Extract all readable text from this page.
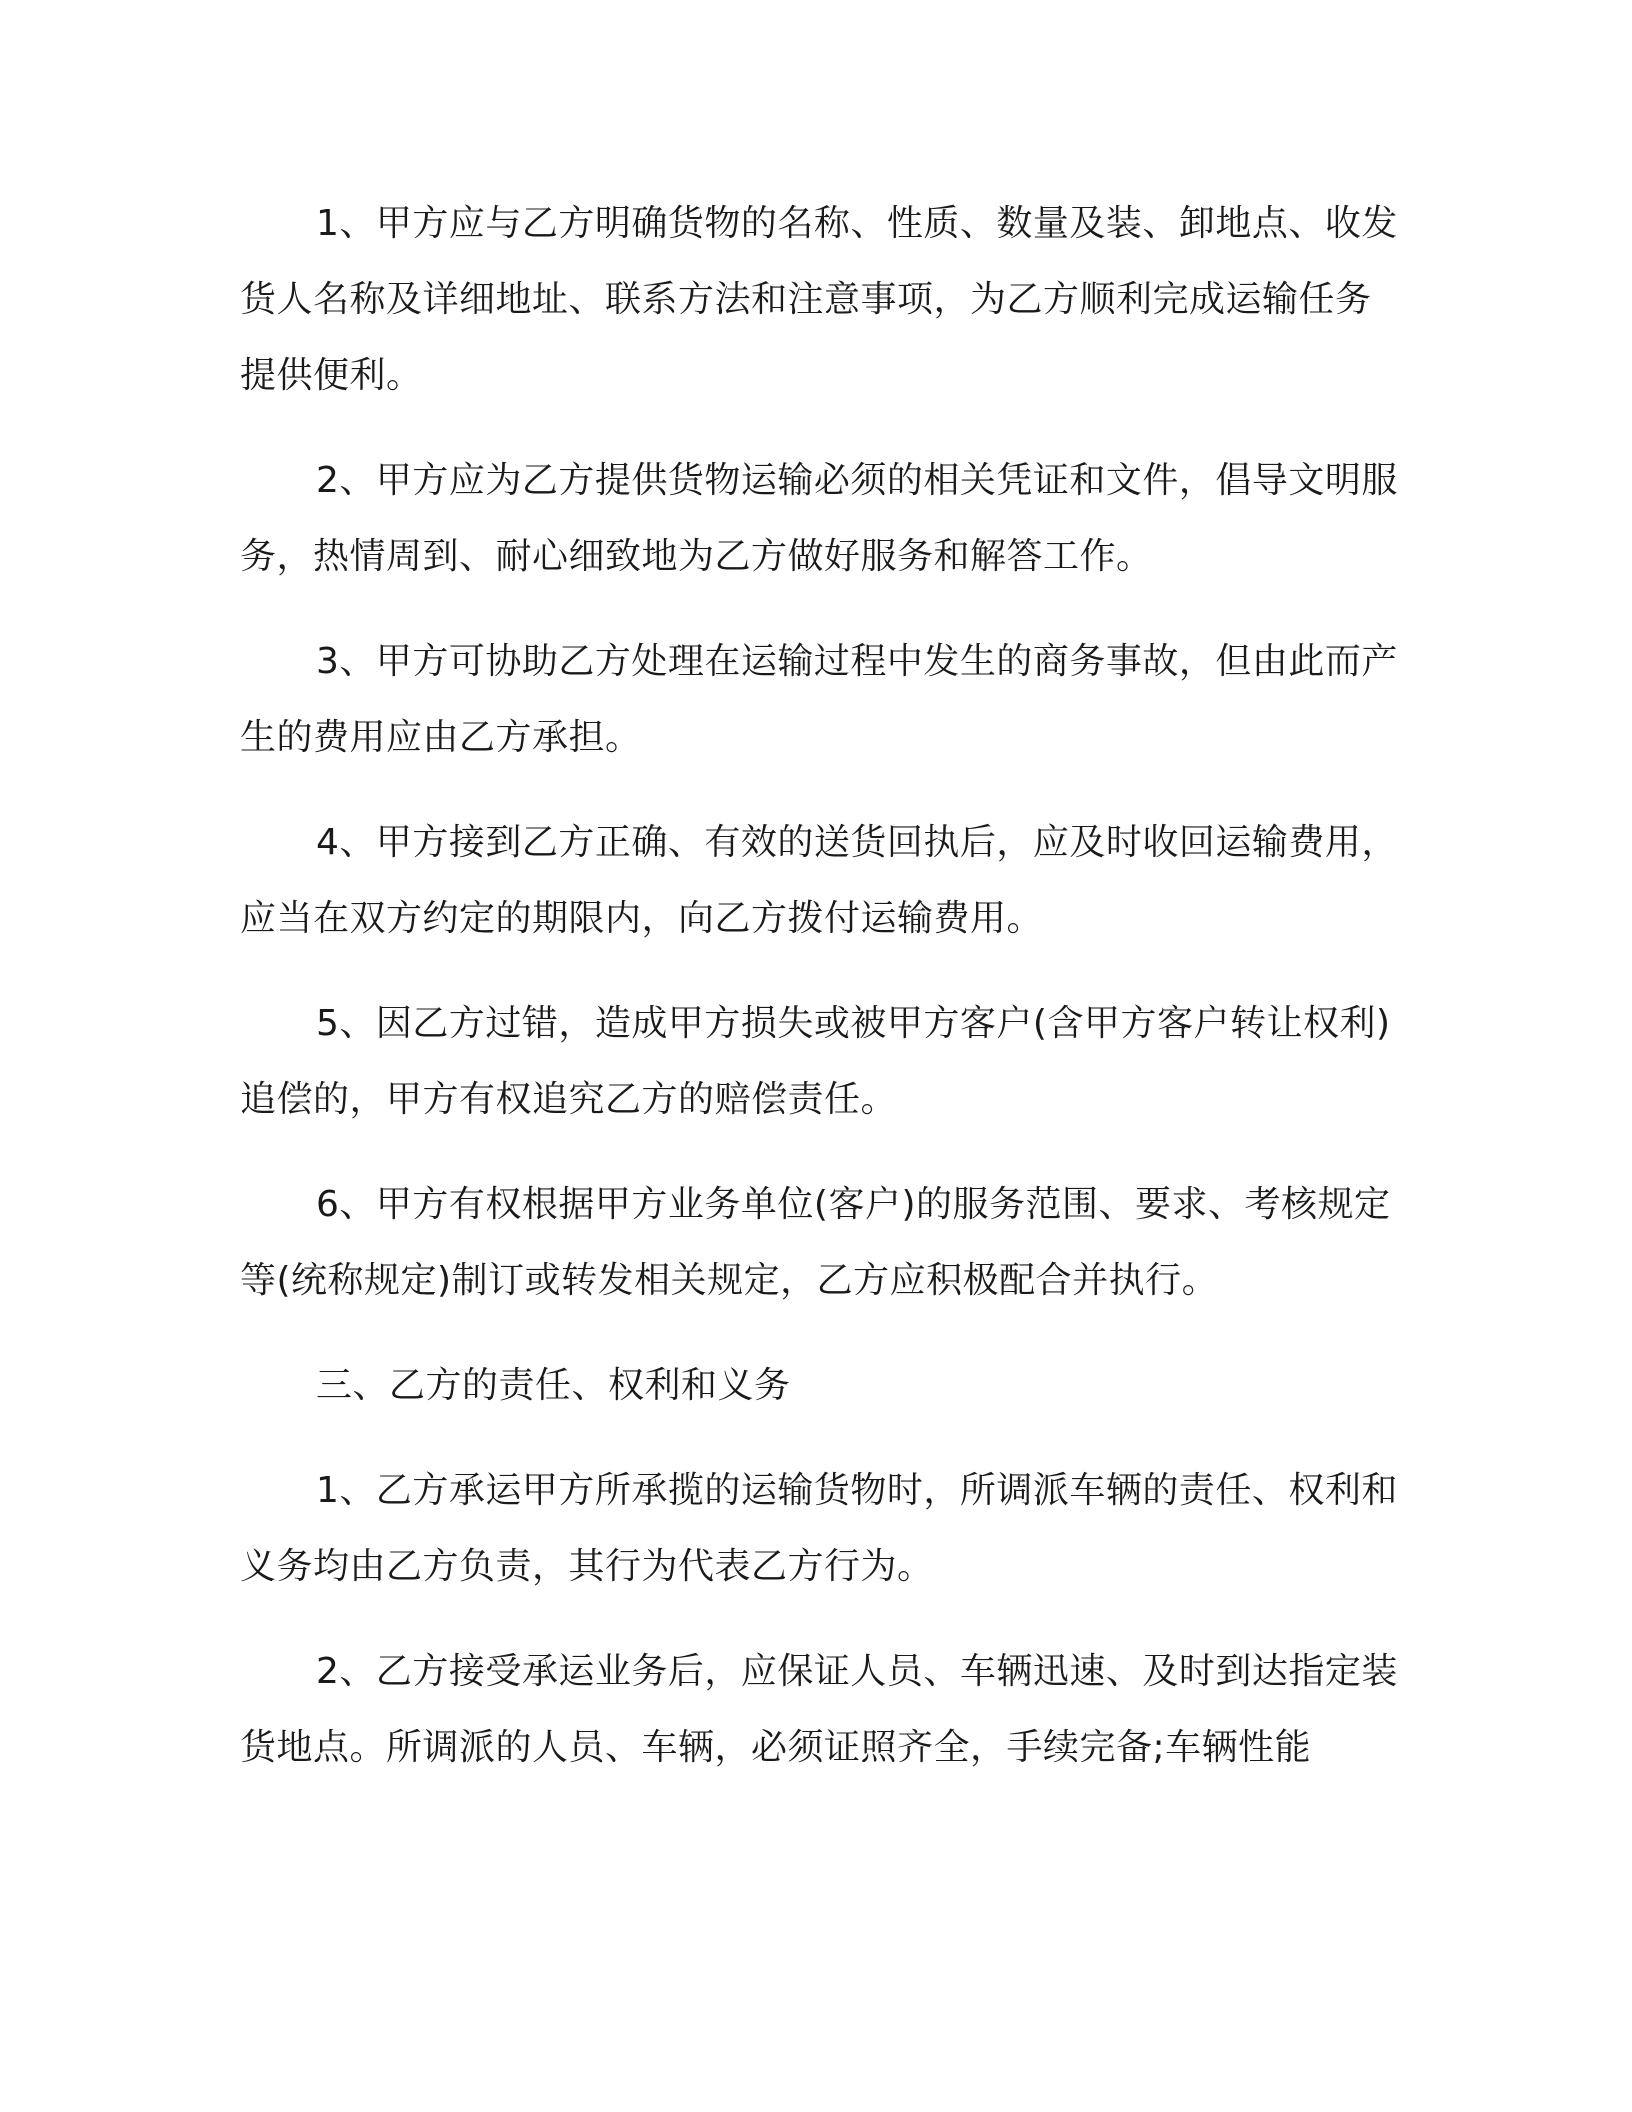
1、甲方应与乙方明确货物的名称、性质、数量及装、卸地点、收发货人名称及详细地址、联系方法和注意事项，为乙方顺利完成运输任务提供便利。

2、甲方应为乙方提供货物运输必须的相关凭证和文件，倡导文明服务，热情周到、耐心细致地为乙方做好服务和解答工作。

3、甲方可协助乙方处理在运输过程中发生的商务事故，但由此而产生的费用应由乙方承担。

4、甲方接到乙方正确、有效的送货回执后，应及时收回运输费用，应当在双方约定的期限内，向乙方拨付运输费用。

5、因乙方过错，造成甲方损失或被甲方客户(含甲方客户转让权利)追偿的，甲方有权追究乙方的赔偿责任。

6、甲方有权根据甲方业务单位(客户)的服务范围、要求、考核规定等(统称规定)制订或转发相关规定，乙方应积极配合并执行。

三、乙方的责任、权利和义务

1、乙方承运甲方所承揽的运输货物时，所调派车辆的责任、权利和义务均由乙方负责，其行为代表乙方行为。

2、乙方接受承运业务后，应保证人员、车辆迅速、及时到达指定装货地点。所调派的人员、车辆，必须证照齐全，手续完备;车辆性能
